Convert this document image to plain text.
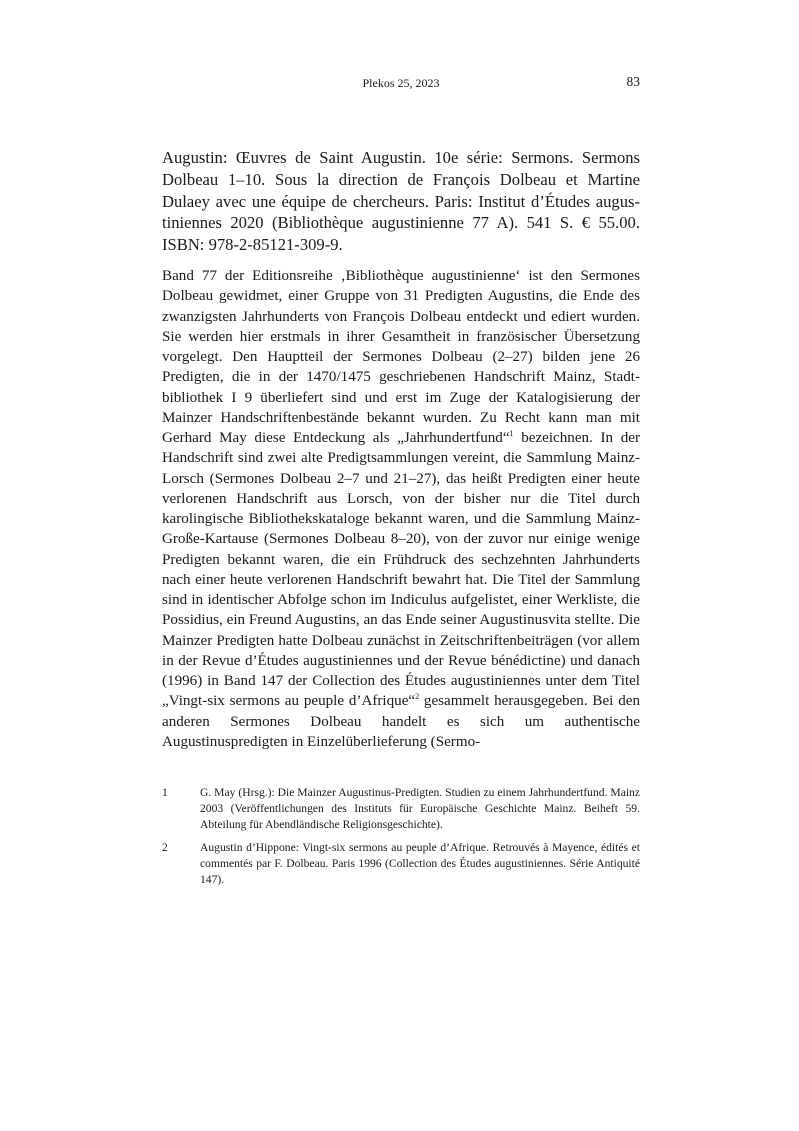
Plekos 25, 2023	83
Augustin: Œuvres de Saint Augustin. 10e série: Sermons. Sermons Dolbeau 1–10. Sous la direction de François Dolbeau et Martine Dulaey avec une équipe de chercheurs. Paris: Institut d’Études augustiniennes 2020 (Bibliothèque augustinienne 77 A). 541 S. € 55.00. ISBN: 978-2-85121-309-9.

Band 77 der Editionsreihe ‚Bibliothèque augustinienne‘ ist den Sermones Dolbeau gewidmet, einer Gruppe von 31 Predigten Augustins, die Ende des zwanzigsten Jahrhunderts von François Dolbeau entdeckt und ediert wurden. Sie werden hier erstmals in ihrer Gesamtheit in französischer Übersetzung vorgelegt. Den Hauptteil der Sermones Dolbeau (2–27) bilden jene 26 Predigten, die in der 1470/1475 geschriebenen Handschrift Mainz, Stadtbibliothek I 9 überliefert sind und erst im Zuge der Katalogisierung der Mainzer Handschriftenbestände bekannt wurden. Zu Recht kann man mit Gerhard May diese Entdeckung als „Jahrhundertfund“$^1$ bezeichnen. In der Handschrift sind zwei alte Predigtsammlungen vereint, die Sammlung Mainz-Lorsch (Sermones Dolbeau 2–7 und 21–27), das heißt Predigten einer heute verlorenen Handschrift aus Lorsch, von der bisher nur die Titel durch karolingische Bibliothekskataloge bekannt waren, und die Sammlung Mainz-Große-Kartause (Sermones Dolbeau 8–20), von der zuvor nur einige wenige Predigten bekannt waren, die ein Frühdruck des sechzehnten Jahrhunderts nach einer heute verlorenen Handschrift bewahrt hat. Die Titel der Sammlung sind in identischer Abfolge schon im Indiculus aufgelistet, einer Werkliste, die Possidius, ein Freund Augustins, an das Ende seiner Augustinusvita stellte. Die Mainzer Predigten hatte Dolbeau zunächst in Zeitschriftenbeiträgen (vor allem in der Revue d’Études augustiniennes und der Revue bénédictine) und danach (1996) in Band 147 der Collection des Études augustiniennes unter dem Titel „Vingt-six sermons au peuple d’Afrique“$^2$ gesammelt herausgegeben. Bei den anderen Sermones Dolbeau handelt es sich um authentische Augustinuspredigten in Einzelüberlieferung (Sermo-

1	G. May (Hrsg.): Die Mainzer Augustinus-Predigten. Studien zu einem Jahrhundertfund. Mainz 2003 (Veröffentlichungen des Instituts für Europäische Geschichte Mainz. Beiheft 59. Abteilung für Abendländische Religionsgeschichte).
2	Augustin d’Hippone: Vingt-six sermons au peuple d’Afrique. Retrouvés à Mayence, édités et commentés par F. Dolbeau. Paris 1996 (Collection des Études augustiniennes. Série Antiquité 147).
